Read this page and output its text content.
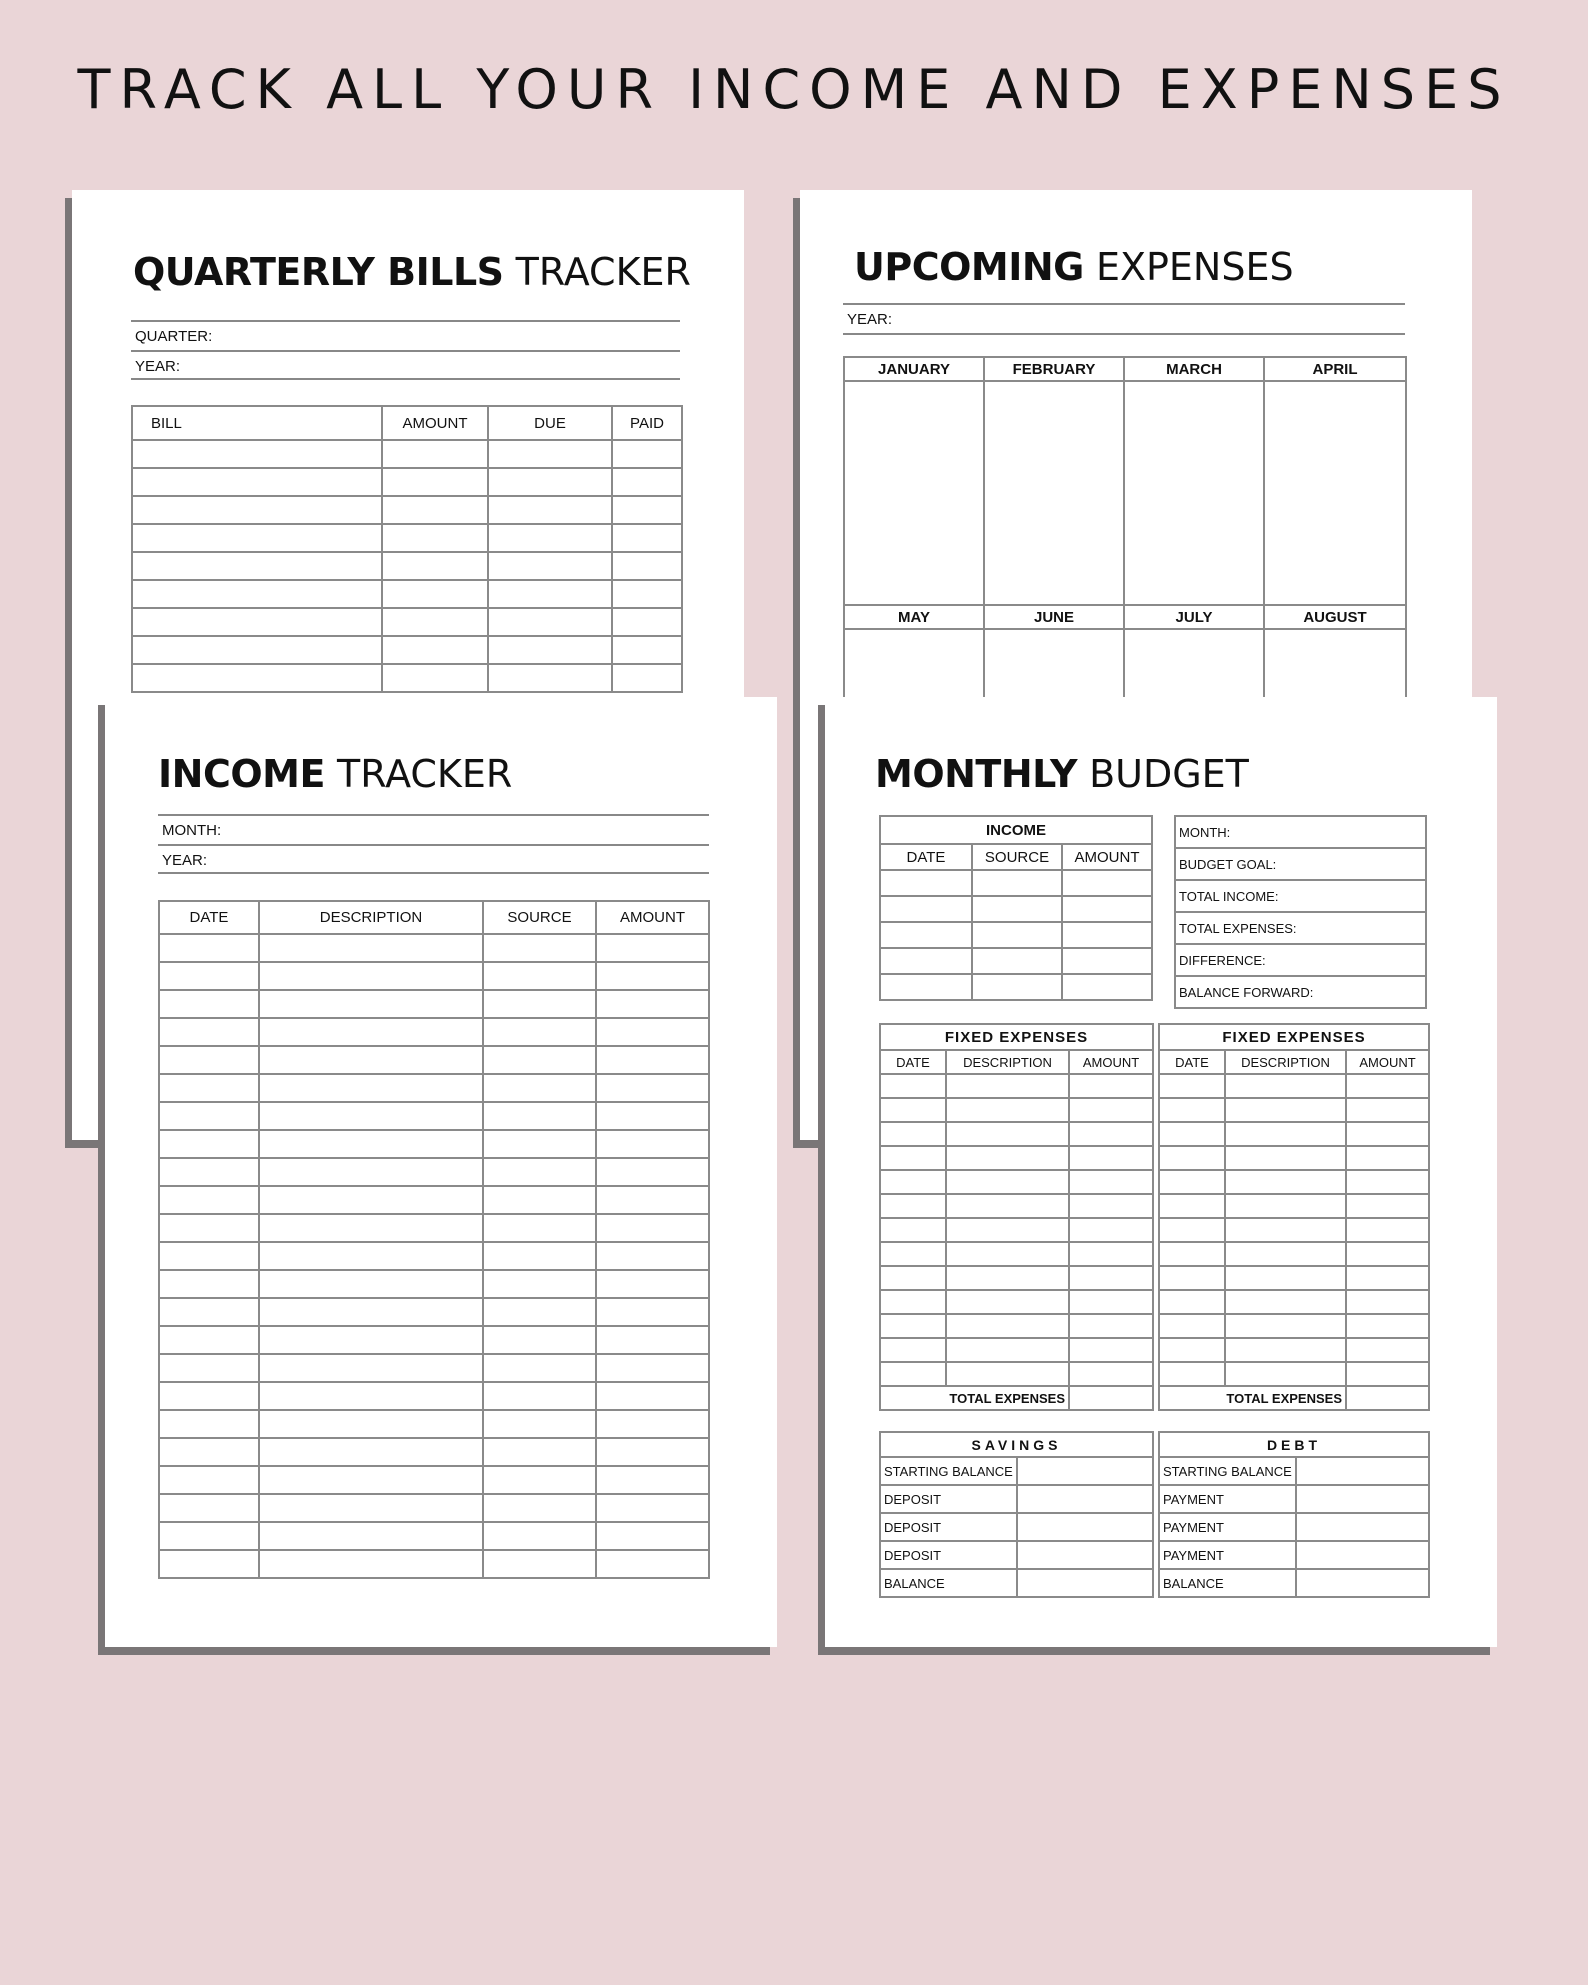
TRACK ALL YOUR INCOME AND EXPENSES
QUARTERLY BILLS TRACKER
QUARTER:
YEAR:
BILL	AMOUNT	DUE	PAID

UPCOMING EXPENSES
YEAR:
JANUARY	FEBRUARY	MARCH	APRIL

MAY	JUNE	JULY	AUGUST

INCOME TRACKER
MONTH:
YEAR:
DATE	DESCRIPTION	SOURCE	AMOUNT

MONTHLY BUDGET
INCOME		
DATE	SOURCE	AMOUNT

MONTH:
BUDGET GOAL:
TOTAL INCOME:
TOTAL EXPENSES:
DIFFERENCE:
BALANCE FORWARD:
FIXED EXPENSES		
DATE	DESCRIPTION	AMOUNT

TOTAL EXPENSES		
FIXED EXPENSES		
DATE	DESCRIPTION	AMOUNT

TOTAL EXPENSES		
SAVINGS	
STARTING BALANCE	
DEPOSIT	
DEPOSIT	
DEPOSIT	
BALANCE	
DEBT	
STARTING BALANCE	
PAYMENT	
PAYMENT	
PAYMENT	
BALANCE	
